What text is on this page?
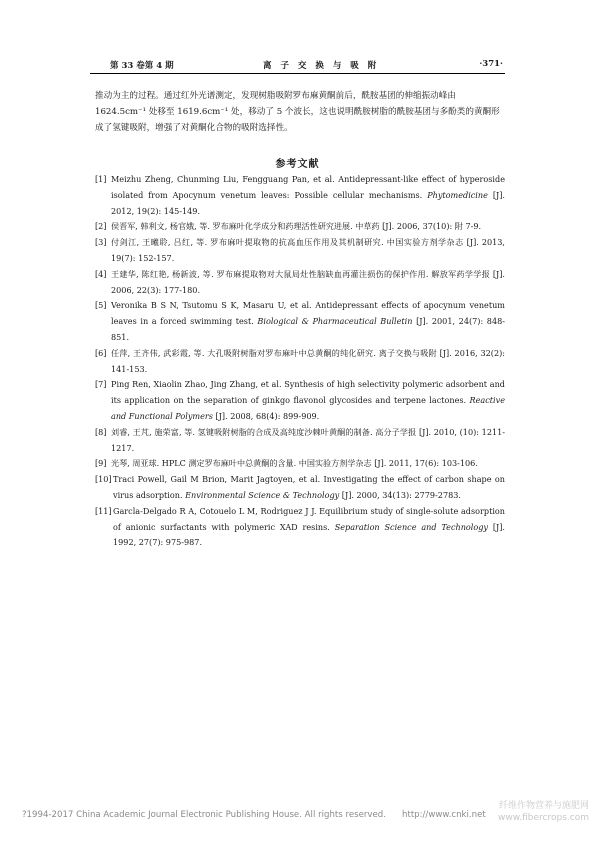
第 33 卷第 4 期	离 子 交 换 与 吸 附	·371·

推动为主的过程。通过红外光谱测定，发现树脂吸附罗布麻黄酮前后，酰胺基团的伸缩振动峰由 1624.5cm⁻¹ 处移至 1619.6cm⁻¹ 处，移动了 5 个波长，这也说明酰胺树脂的酰胺基团与多酚类的黄酮形成了氢键吸附，增强了对黄酮化合物的吸附选择性。

参考文献
[1] Meizhu Zheng, Chunming Liu, Fengguang Pan, et al. Antidepressant-like effect of hyperoside isolated from Apocynum venetum leaves: Possible cellular mechanisms. Phytomedicine [J]. 2012, 19(2): 145-149.
[2] 侯晋军, 韩利文, 杨官娥, 等. 罗布麻叶化学成分和药理活性研究进展. 中草药 [J]. 2006, 37(10): 附 7-9.
[3] 付剑江, 王曦聆, 吕红, 等. 罗布麻叶提取物的抗高血压作用及其机制研究. 中国实验方剂学杂志 [J]. 2013, 19(7): 152-157.
[4] 王建华, 陈红艳, 杨新波, 等. 罗布麻提取物对大鼠局灶性脑缺血再灌注损伤的保护作用. 解放军药学学报 [J]. 2006, 22(3): 177-180.
[5] Veronika B S N, Tsutomu S K, Masaru U, et al. Antidepressant effects of apocynum venetum leaves in a forced swimming test. Biological & Pharmaceutical Bulletin [J]. 2001, 24(7): 848-851.
[6] 任萍, 王齐伟, 武彩霞, 等. 大孔吸附树脂对罗布麻叶中总黄酮的纯化研究. 离子交换与吸附 [J]. 2016, 32(2): 141-153.
[7] Ping Ren, Xiaolin Zhao, Jing Zhang, et al. Synthesis of high selectivity polymeric adsorbent and its application on the separation of ginkgo flavonol glycosides and terpene lactones. Reactive and Functional Polymers [J]. 2008, 68(4): 899-909.
[8] 刘睿, 王芃, 施荣富, 等. 氢键吸附树脂的合成及高纯度沙棘叶黄酮的制备. 高分子学报 [J]. 2010, (10): 1211-1217.
[9] 光琴, 周亚球. HPLC 测定罗布麻叶中总黄酮的含量. 中国实验方剂学杂志 [J]. 2011, 17(6): 103-106.
[10] Traci Powell, Gail M Brion, Marit Jagtoyen, et al. Investigating the effect of carbon shape on virus adsorption. Environmental Science & Technology [J]. 2000, 34(13): 2779-2783.
[11] Garcla-Delgado R A, Cotouelo L M, Rodriguez J J. Equilibrium study of single-solute adsorption of anionic surfactants with polymeric XAD resins. Separation Science and Technology [J]. 1992, 27(7): 975-987.
?1994-2017 China Academic Journal Electronic Publishing House. All rights reserved. http://www.cnki.net
纤维作物营养与施肥网
www.fibercrops.com
